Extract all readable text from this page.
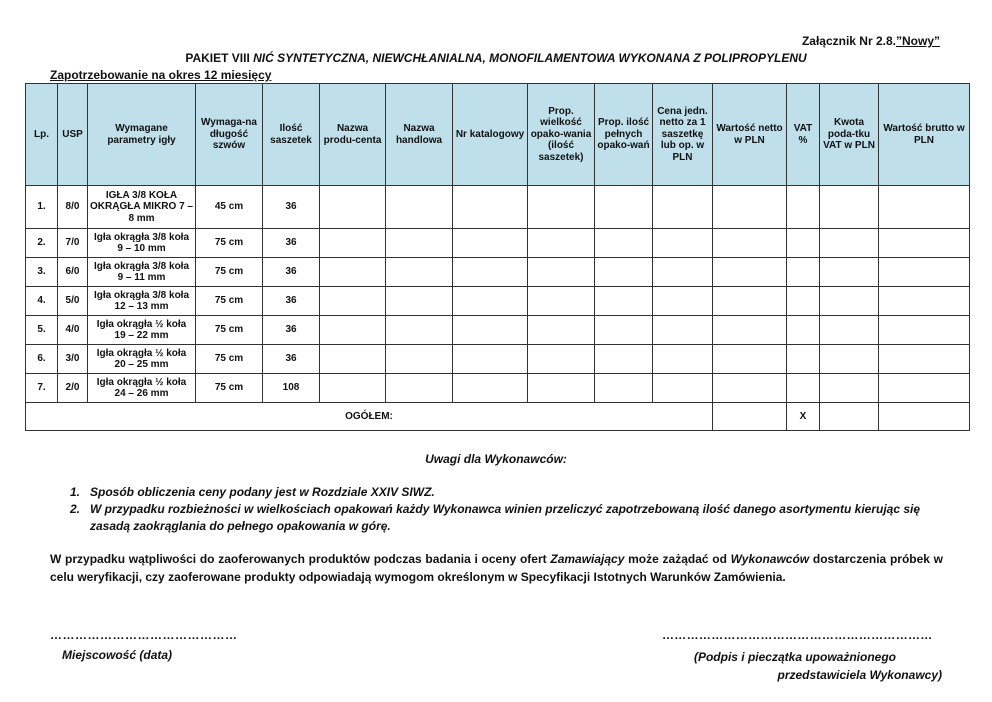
Załącznik Nr 2.8.”Nowy”
PAKIET VIII NIĆ SYNTETYCZNA, NIEWCHŁANIALNA, MONOFILAMENTOWA WYKONANA Z POLIPROPYLENU
Zapotrzebowanie na okres 12 miesięcy
Lp.	USP	Wymagane parametry igły	Wymaga-na długość szwów	Ilość saszetek	Nazwa produ-centa	Nazwa handlowa	Nr katalogowy	Prop. wielkość opako-wania (ilość saszetek)	Prop. ilość pełnych opako-wań	Cena jedn. netto za 1 saszetkę lub op. w PLN	Wartość netto w PLN	VAT %	Kwota poda-tku VAT w PLN	Wartość brutto w PLN
1.	8/0	IGŁA 3/8 KOŁA OKRĄGŁA MIKRO 7 – 8 mm	45 cm	36										
2.	7/0	Igła okrągła 3/8 koła 9 – 10 mm	75 cm	36										
3.	6/0	Igła okrągła 3/8 koła 9 – 11 mm	75 cm	36										
4.	5/0	Igła okrągła 3/8 koła 12 – 13 mm	75 cm	36										
5.	4/0	Igła okrągła ½ koła 19 – 22 mm	75 cm	36										
6.	3/0	Igła okrągła ½ koła 20 – 25 mm	75 cm	36										
7.	2/0	Igła okrągła ½ koła 24 – 26 mm	75 cm	108										
OGÓŁEM:												X		
Uwagi dla Wykonawców:
1. Sposób obliczenia ceny podany jest w Rozdziale XXIV SIWZ.
2. W przypadku rozbieżności w wielkościach opakowań każdy Wykonawca winien przeliczyć zapotrzebowaną ilość danego asortymentu kierując się zasadą zaokrąglania do pełnego opakowania w górę.
W przypadku wątpliwości do zaoferowanych produktów podczas badania i oceny ofert Zamawiający może zażądać od Wykonawców dostarczenia próbek w celu weryfikacji, czy zaoferowane produkty odpowiadają wymogom określonym w Specyfikacji Istotnych Warunków Zamówienia.
………………………………………
Miejscowość (data)
…………………………………………………………
(Podpis i pieczątka upoważnionego
przedstawiciela Wykonawcy)
